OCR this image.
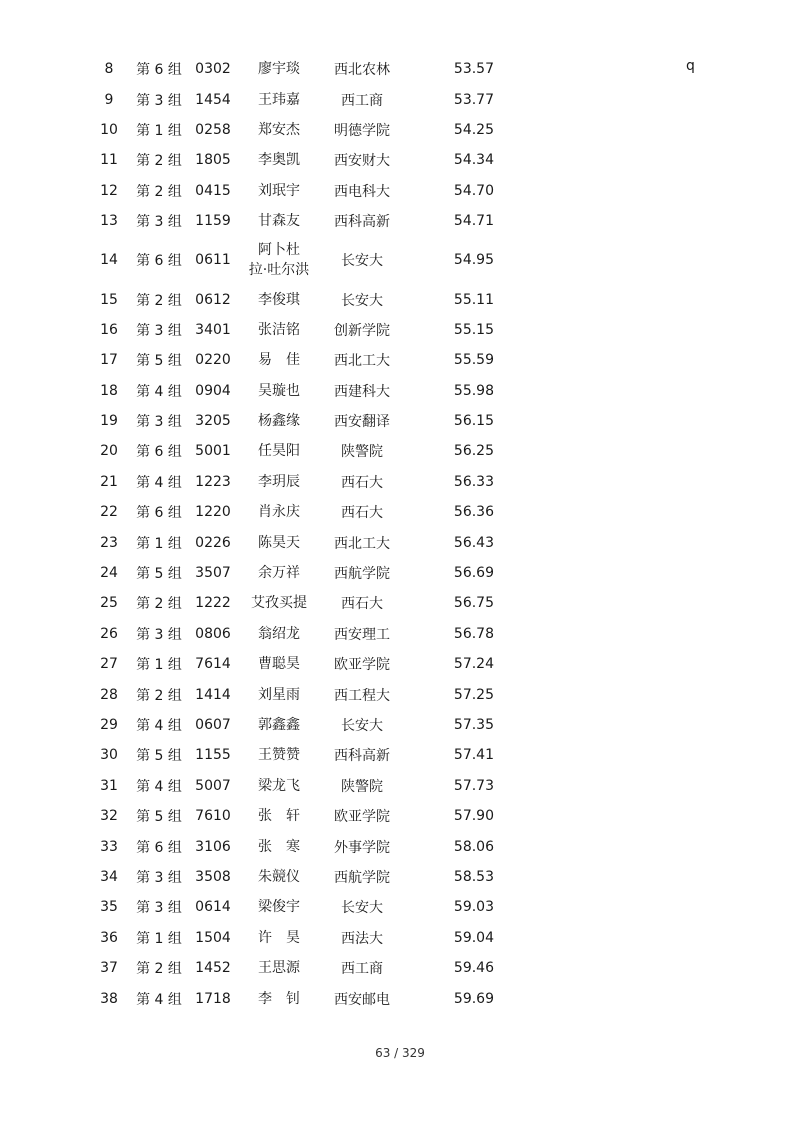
q
8	第 6 组	0302	廖宇琰	西北农林	53.57
9	第 3 组	1454	王玮嘉	西工商	53.77
10	第 1 组	0258	郑安杰	明德学院	54.25
11	第 2 组	1805	李奥凯	西安财大	54.34
12	第 2 组	0415	刘珉宇	西电科大	54.70
13	第 3 组	1159	甘森友	西科高新	54.71
14	第 6 组	0611	阿卜杜
拉·吐尔洪	长安大	54.95
15	第 2 组	0612	李俊琪	长安大	55.11
16	第 3 组	3401	张洁铭	创新学院	55.15
17	第 5 组	0220	易　佳	西北工大	55.59
18	第 4 组	0904	吴璇也	西建科大	55.98
19	第 3 组	3205	杨鑫缘	西安翻译	56.15
20	第 6 组	5001	任昊阳	陕警院	56.25
21	第 4 组	1223	李玥辰	西石大	56.33
22	第 6 组	1220	肖永庆	西石大	56.36
23	第 1 组	0226	陈昊天	西北工大	56.43
24	第 5 组	3507	余万祥	西航学院	56.69
25	第 2 组	1222	艾孜买提	西石大	56.75
26	第 3 组	0806	翁绍龙	西安理工	56.78
27	第 1 组	7614	曹聪昊	欧亚学院	57.24
28	第 2 组	1414	刘星雨	西工程大	57.25
29	第 4 组	0607	郭鑫鑫	长安大	57.35
30	第 5 组	1155	王赞赞	西科高新	57.41
31	第 4 组	5007	梁龙飞	陕警院	57.73
32	第 5 组	7610	张　轩	欧亚学院	57.90
33	第 6 组	3106	张　寒	外事学院	58.06
34	第 3 组	3508	朱競仪	西航学院	58.53
35	第 3 组	0614	梁俊宇	长安大	59.03
36	第 1 组	1504	许　昊	西法大	59.04
37	第 2 组	1452	王思源	西工商	59.46
38	第 4 组	1718	李　钊	西安邮电	59.69
63 / 329
